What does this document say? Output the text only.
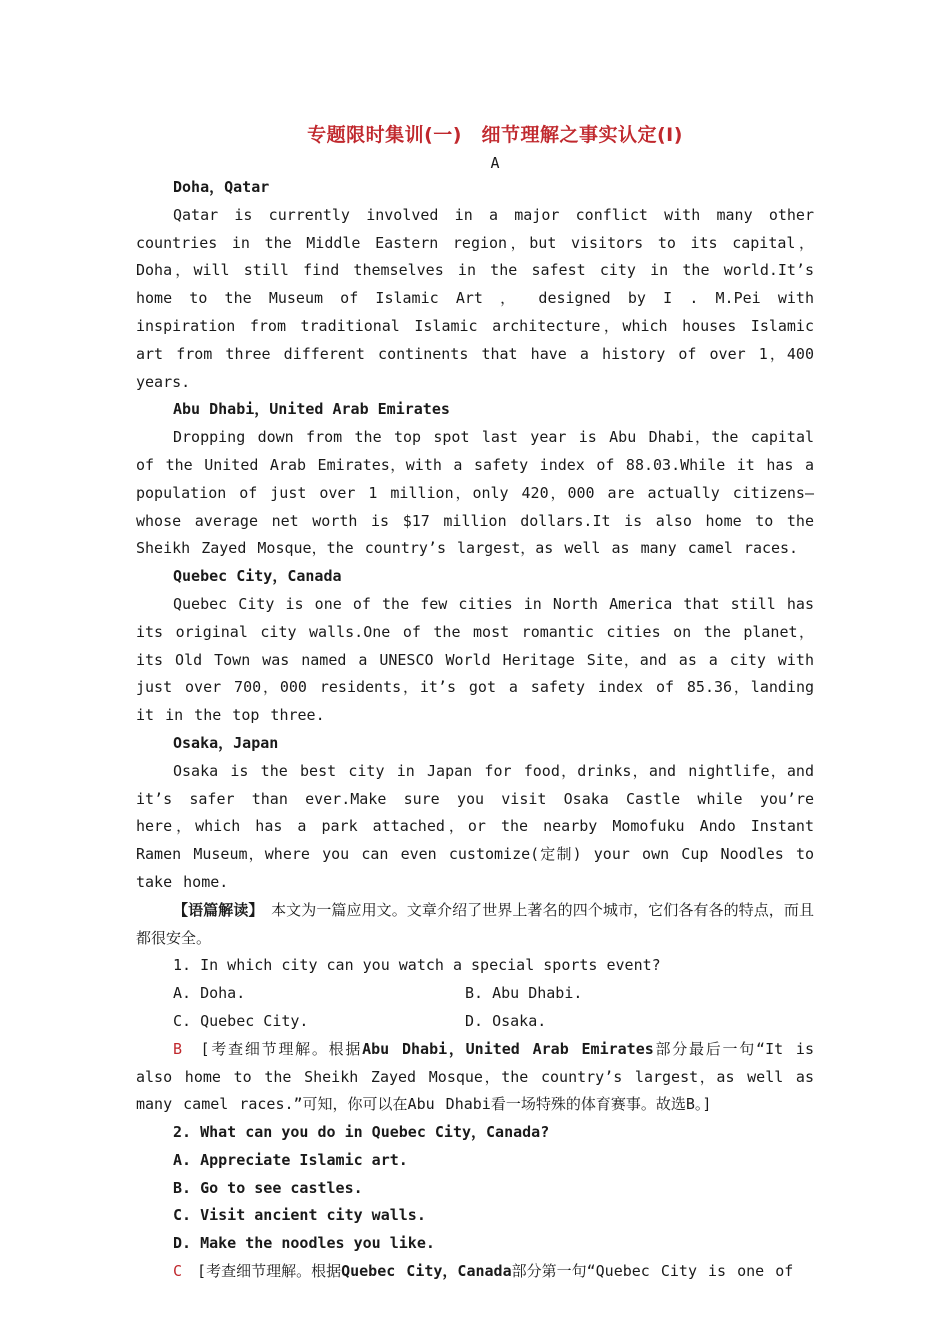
专题限时集训(一)　细节理解之事实认定(Ⅰ)
A
Doha，Qatar
Qatar is currently involved in a major conflict with many other countries in the Middle Eastern region，but visitors to its capital，Doha，will still find themselves in the safest city in the world.It’s home to the Museum of Islamic Art ， designed by I . M.Pei with inspiration from traditional Islamic architecture，which houses Islamic art from three different continents that have a history of over 1，400 years.
Abu Dhabi，United Arab Emirates
Dropping down from the top spot last year is Abu Dhabi，the capital of the United Arab Emirates，with a safety index of 88.03.While it has a population of just over 1 million，only 420，000 are actually citizens—whose average net worth is $17 million dollars.It is also home to the Sheikh Zayed Mosque，the country’s largest，as well as many camel races.
Quebec City，Canada
Quebec City is one of the few cities in North America that still has its original city walls.One of the most romantic cities on the planet，its Old Town was named a UNESCO World Heritage Site，and as a city with just over 700，000 residents，it’s got a safety index of 85.36，landing it in the top three.
Osaka，Japan
Osaka is the best city in Japan for food，drinks，and nightlife，and it’s safer than ever.Make sure you visit Osaka Castle while you’re here，which has a park attached，or the nearby Momofuku Ando Instant Ramen Museum，where you can even customize(定制) your own Cup Noodles to take home.
【语篇解读】　 本文为一篇应用文。文章介绍了世界上著名的四个城市，它们各有各的特点，而且都很安全。
1. In which city can you watch a special sports event?
A. Doha.	B. Abu Dhabi.
C. Quebec City.	D. Osaka.
B　 [考查细节理解。根据Abu Dhabi，United Arab Emirates部分最后一句“It is also home to the Sheikh Zayed Mosque，the country’s largest，as well as many camel races.”可知，你可以在Abu Dhabi看一场特殊的体育赛事。故选B。]
2. What can you do in Quebec City，Canada?
A. Appreciate Islamic art.
B. Go to see castles.
C. Visit ancient city walls.
D. Make the noodles you like.
C　 [考查细节理解。根据Quebec City，Canada部分第一句“Quebec City is one of
